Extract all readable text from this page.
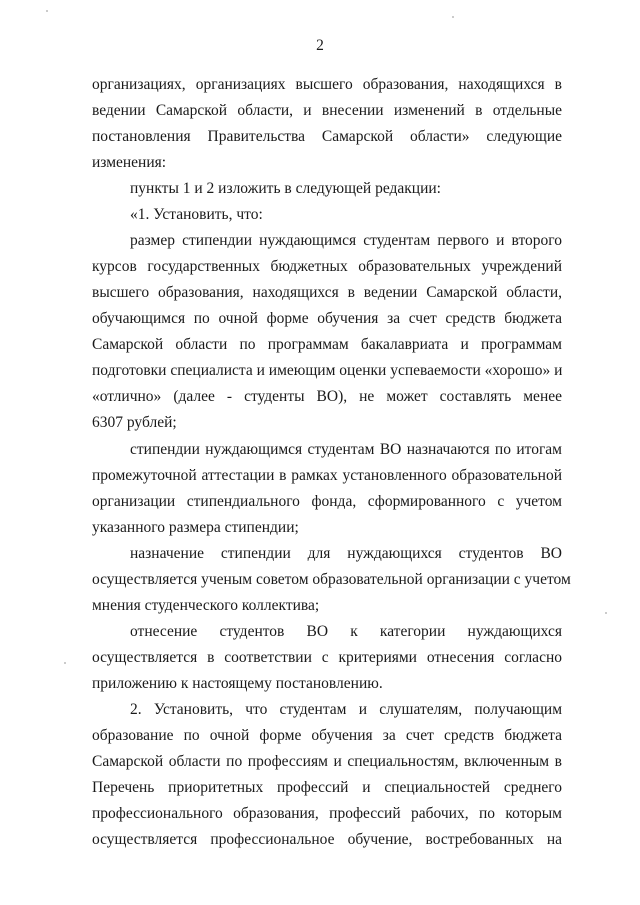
2
организациях, организациях высшего образования, находящихся в
ведении Самарской области, и внесении изменений в отдельные
постановления Правительства Самарской области» следующие
изменения:
пункты 1 и 2 изложить в следующей редакции:
«1. Установить, что:
размер стипендии нуждающимся студентам первого и второго
курсов государственных бюджетных образовательных учреждений
высшего образования, находящихся в ведении Самарской области,
обучающимся по очной форме обучения за счет средств бюджета
Самарской области по программам бакалавриата и программам
подготовки специалиста и имеющим оценки успеваемости «хорошо» и
«отлично» (далее - студенты ВО), не может составлять менее
6307 рублей;
стипендии нуждающимся студентам ВО назначаются по итогам
промежуточной аттестации в рамках установленного образовательной
организации стипендиального фонда, сформированного с учетом
указанного размера стипендии;
назначение стипендии для нуждающихся студентов ВО
осуществляется ученым советом образовательной организации с учетом
мнения студенческого коллектива;
отнесение студентов ВО к категории нуждающихся
осуществляется в соответствии с критериями отнесения согласно
приложению к настоящему постановлению.
2. Установить, что студентам и слушателям, получающим
образование по очной форме обучения за счет средств бюджета
Самарской области по профессиям и специальностям, включенным в
Перечень приоритетных профессий и специальностей среднего
профессионального образования, профессий рабочих, по которым
осуществляется профессиональное обучение, востребованных на
